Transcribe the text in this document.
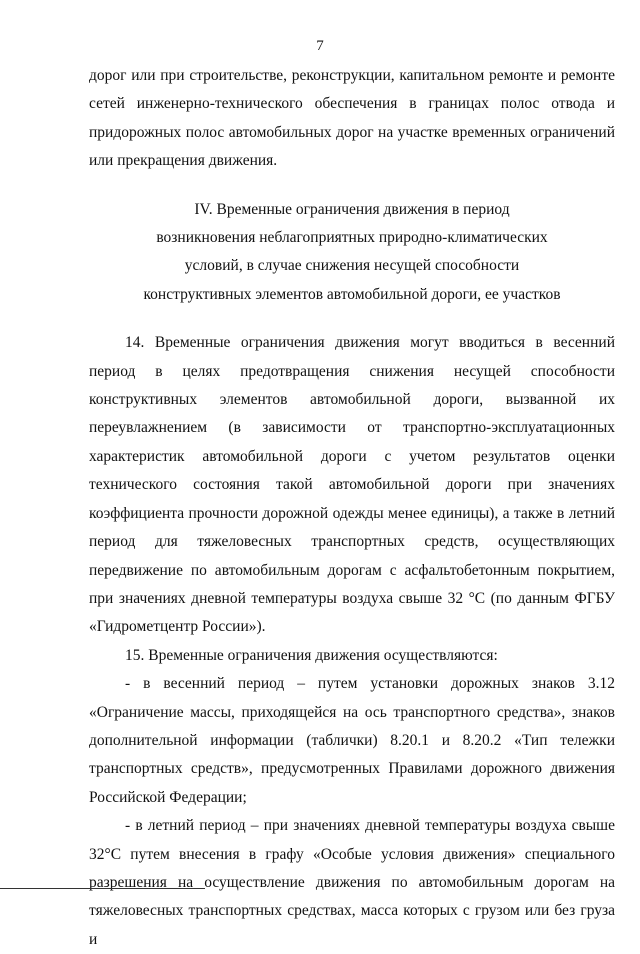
7

дорог или при строительстве, реконструкции, капитальном ремонте и ремонте сетей инженерно-технического обеспечения в границах полос отвода и придорожных полос автомобильных дорог на участке временных ограничений или прекращения движения.

IV. Временные ограничения движения в период
возникновения неблагоприятных природно-климатических
условий, в случае снижения несущей способности
конструктивных элементов автомобильной дороги, ее участков

14. Временные ограничения движения могут вводиться в весенний период в целях предотвращения снижения несущей способности конструктивных элементов автомобильной дороги, вызванной их переувлажнением (в зависимости от транспортно-эксплуатационных характеристик автомобильной дороги с учетом результатов оценки технического состояния такой автомобильной дороги при значениях коэффициента прочности дорожной одежды менее единицы), а также в летний период для тяжеловесных транспортных средств, осуществляющих передвижение по автомобильным дорогам с асфальтобетонным покрытием, при значениях дневной температуры воздуха свыше 32 °С (по данным ФГБУ «Гидрометцентр России»).

15. Временные ограничения движения осуществляются:

- в весенний период – путем установки дорожных знаков 3.12 «Ограничение массы, приходящейся на ось транспортного средства», знаков дополнительной информации (таблички) 8.20.1 и 8.20.2 «Тип тележки транспортных средств», предусмотренных Правилами дорожного движения Российской Федерации;

- в летний период – при значениях дневной температуры воздуха свыше 32°С путем внесения в графу «Особые условия движения» специального разрешения на осуществление движения по автомобильным дорогам на тяжеловесных транспортных средствах, масса которых с грузом или без груза и
